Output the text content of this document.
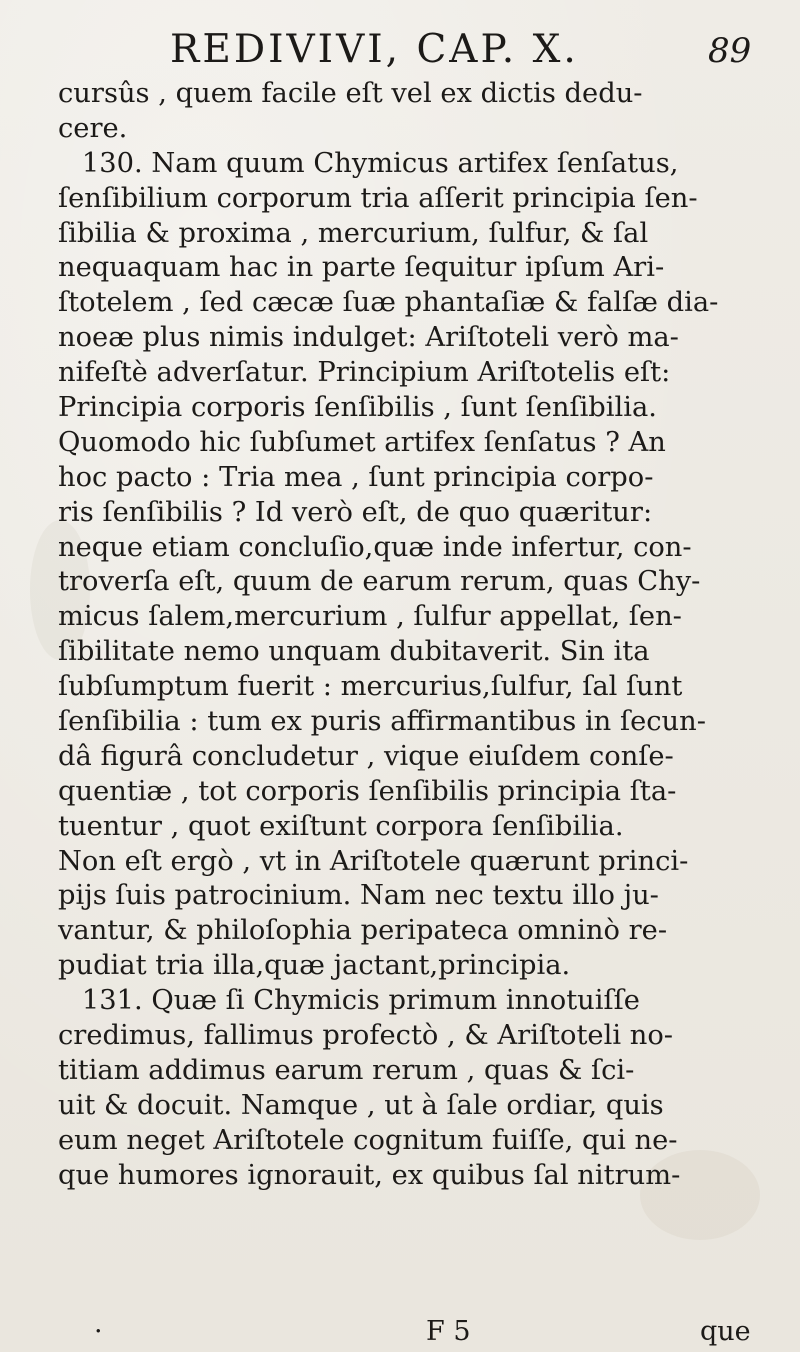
REDIVIVI, CAP. X.	89
cursûs , quem facile eſt vel ex dictis dedu-
cere.
130. Nam quum Chymicus artifex ſenſatus,
ſenſibilium corporum tria aſſerit principia ſen-
ſibilia & proxima , mercurium, ſulfur, & ſal
nequaquam hac in parte ſequitur ipſum Ari-
ſtotelem , ſed cæcæ ſuæ phantaſiæ & falſæ dia-
noeæ plus nimis indulget: Ariſtoteli verò ma-
nifeſtè adverſatur. Principium Ariſtotelis eſt:
Principia corporis ſenſibilis , ſunt ſenſibilia.
Quomodo hic ſubſumet artifex ſenſatus ? An
hoc pacto : Tria mea , ſunt principia corpo-
ris ſenſibilis ? Id verò eſt, de quo quæritur:
neque etiam concluſio,quæ inde infertur, con-
troverſa eſt, quum de earum rerum, quas Chy-
micus ſalem,mercurium , ſulfur appellat, ſen-
ſibilitate nemo unquam dubitaverit. Sin ita
ſubſumptum fuerit : mercurius,ſulfur, ſal ſunt
ſenſibilia : tum ex puris affirmantibus in ſecun-
dâ figurâ concludetur , vique eiuſdem conſe-
quentiæ , tot corporis ſenſibilis principia ſta-
tuentur , quot exiſtunt corpora ſenſibilia.
Non eſt ergò , vt in Ariſtotele quærunt princi-
pijs ſuis patrocinium. Nam nec textu illo ju-
vantur, & philoſophia peripateca omninò re-
pudiat tria illa,quæ jactant,principia.
131. Quæ ſi Chymicis primum innotuiſſe
credimus, fallimus profectò , & Ariſtoteli no-
titiam addimus earum rerum , quas & ſci-
uit & docuit. Namque , ut à ſale ordiar, quis
eum neget Ariſtotele cognitum fuiſſe, qui ne-
que humores ignorauit, ex quibus ſal nitrum-
·	F 5	que
